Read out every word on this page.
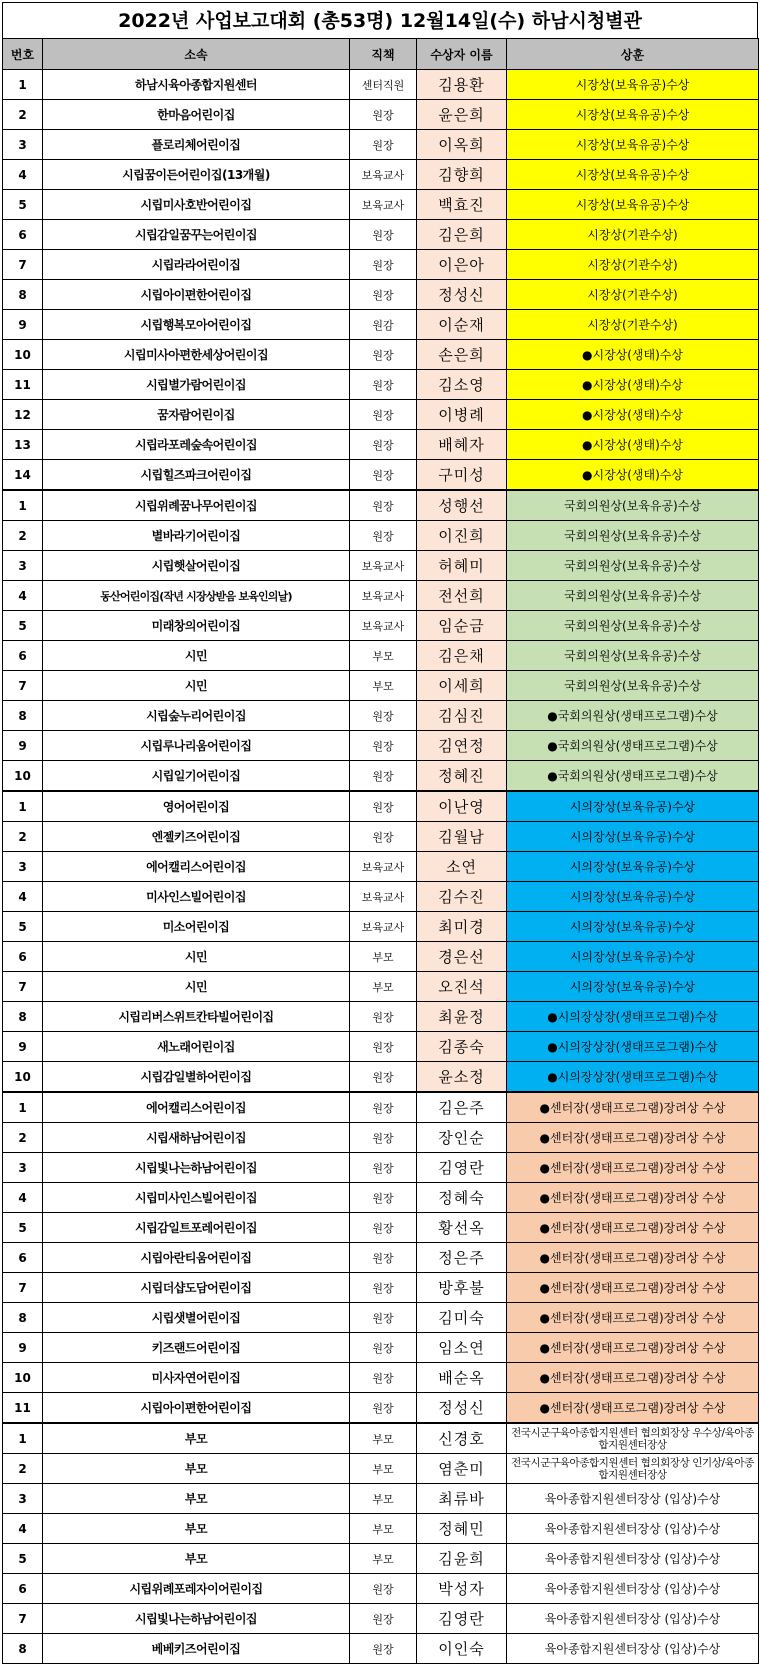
2022년 사업보고대회 (총53명) 12월14일(수) 하남시청별관
번호	소속	직책	수상자 이름	상훈
1	하남시육아종합지원센터	센터직원	김용환	시장상(보육유공)수상
2	한마음어린이집	원장	윤은희	시장상(보육유공)수상
3	플로리체어린이집	원장	이옥희	시장상(보육유공)수상
4	시립꿈이든어린이집(13개월)	보육교사	김향희	시장상(보육유공)수상
5	시립미사호반어린이집	보육교사	백효진	시장상(보육유공)수상
6	시립감일꿈꾸는어린이집	원장	김은희	시장상(기관수상)
7	시립라라어린이집	원장	이은아	시장상(기관수상)
8	시립아이편한어린이집	원장	정성신	시장상(기관수상)
9	시립행복모아어린이집	원감	이순재	시장상(기관수상)
10	시립미사아편한세상어린이집	원장	손은희	●시장상(생태)수상
11	시립별가람어린이집	원장	김소영	●시장상(생태)수상
12	꿈자람어린이집	원장	이병례	●시장상(생태)수상
13	시립라포레숲속어린이집	원장	배혜자	●시장상(생태)수상
14	시립힐즈파크어린이집	원장	구미성	●시장상(생태)수상
1	시립위례꿈나무어린이집	원장	성행선	국회의원상(보육유공)수상
2	별바라기어린이집	원장	이진희	국회의원상(보육유공)수상
3	시립햇살어린이집	보육교사	허혜미	국회의원상(보육유공)수상
4	동산어린이집(작년 시장상받음 보육인의날)	보육교사	전선희	국회의원상(보육유공)수상
5	미래창의어린이집	보육교사	임순금	국회의원상(보육유공)수상
6	시민	부모	김은채	국회의원상(보육유공)수상
7	시민	부모	이세희	국회의원상(보육유공)수상
8	시립숲누리어린이집	원장	김심진	●국회의원상(생태프로그램)수상
9	시립루나리움어린이집	원장	김연정	●국회의원상(생태프로그램)수상
10	시립일기어린이집	원장	정혜진	●국회의원상(생태프로그램)수상
1	영어어린이집	원장	이난영	시의장상(보육유공)수상
2	엔젤키즈어린이집	원장	김월남	시의장상(보육유공)수상
3	에어캘리스어린이집	보육교사	소연	시의장상(보육유공)수상
4	미사인스빌어린이집	보육교사	김수진	시의장상(보육유공)수상
5	미소어린이집	보육교사	최미경	시의장상(보육유공)수상
6	시민	부모	경은선	시의장상(보육유공)수상
7	시민	부모	오진석	시의장상(보육유공)수상
8	시립리버스위트칸타빌어린이집	원장	최윤정	●시의장상장(생태프로그램)수상
9	새노래어린이집	원장	김종숙	●시의장상장(생태프로그램)수상
10	시립감일별하어린이집	원장	윤소정	●시의장상장(생태프로그램)수상
1	에어캘리스어린이집	원장	김은주	●센터장(생태프로그램)장려상 수상
2	시립새하남어린이집	원장	장인순	●센터장(생태프로그램)장려상 수상
3	시립빛나는하남어린이집	원장	김영란	●센터장(생태프로그램)장려상 수상
4	시립미사인스빌어린이집	원장	정혜숙	●센터장(생태프로그램)장려상 수상
5	시립감일트포레어린이집	원장	황선옥	●센터장(생태프로그램)장려상 수상
6	시립아란티움어린이집	원장	정은주	●센터장(생태프로그램)장려상 수상
7	시립더샵도담어린이집	원장	방후불	●센터장(생태프로그램)장려상 수상
8	시립샛별어린이집	원장	김미숙	●센터장(생태프로그램)장려상 수상
9	키즈랜드어린이집	원장	임소연	●센터장(생태프로그램)장려상 수상
10	미사자연어린이집	원장	배순옥	●센터장(생태프로그램)장려상 수상
11	시립아이편한어린이집	원장	정성신	●센터장(생태프로그램)장려상 수상
1	부모	부모	신경호	전국시군구육아종합지원센터 협의회장상 우수상/육아종합지원센터장상
2	부모	부모	염춘미	전국시군구육아종합지원센터 협의회장상 인기상/육아종합지원센터장상
3	부모	부모	최류바	육아종합지원센터장상 (입상)수상
4	부모	부모	정혜민	육아종합지원센터장상 (입상)수상
5	부모	부모	김윤희	육아종합지원센터장상 (입상)수상
6	시립위례포레자이어린이집	원장	박성자	육아종합지원센터장상 (입상)수상
7	시립빛나는하남어린이집	원장	김영란	육아종합지원센터장상 (입상)수상
8	베베키즈어린이집	원장	이인숙	육아종합지원센터장상 (입상)수상
